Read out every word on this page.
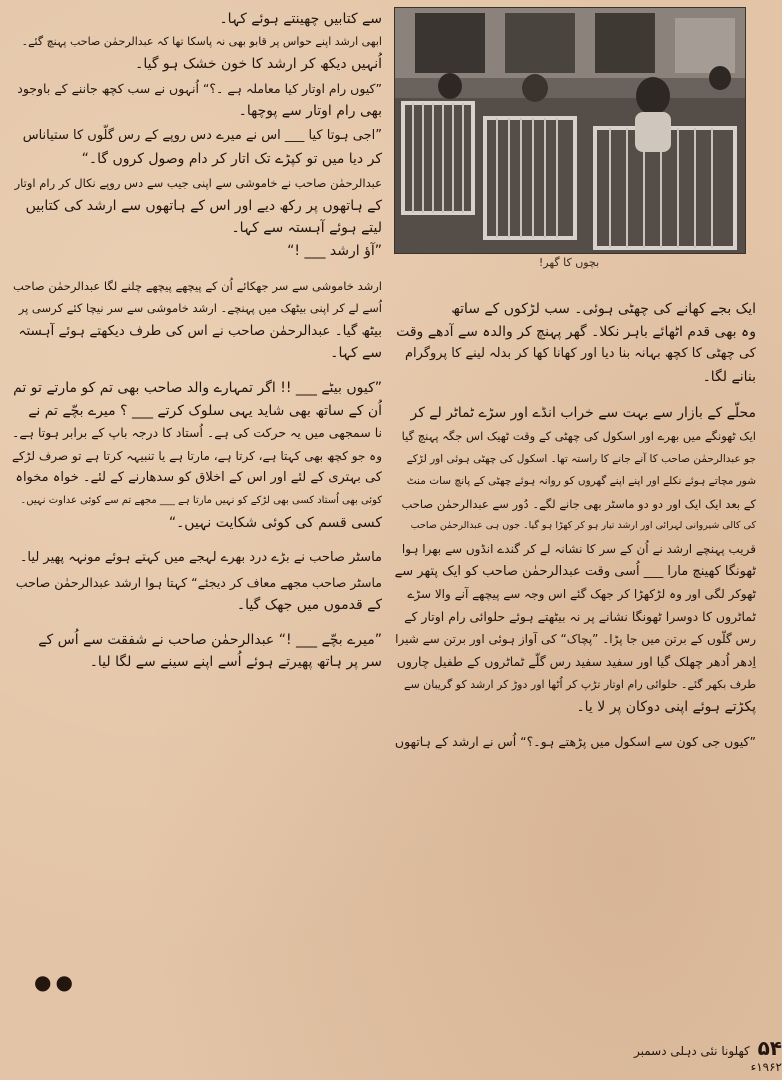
سے کتابیں چھینتے ہوئے کہا۔

ابھی ارشد اپنے حواس پر قابو بھی نہ پاسکا تھا کہ عبدالرحمٰن صاحب پہنچ گئے۔

اُنہیں دیکھ کر ارشد کا خون خشک ہو گیا۔

”کیوں رام اوتار کیا معاملہ ہے ۔؟“ اُنہوں نے سب کچھ جاننے کے باوجود

بھی رام اوتار سے پوچھا۔

”اجی ہوتا کیا ___ اس نے میرے دس روپے کے رس گلّوں کا ستیاناس

کر دیا میں تو کپڑے تک اتار کر دام وصول کروں گا۔“

عبدالرحمٰن صاحب نے خاموشی سے اپنی جیب سے دس روپے نکال کر رام اوتار

کے ہاتھوں پر رکھ دیے اور اس کے ہاتھوں سے ارشد کی کتابیں

لیتے ہوئے آہستہ سے کہا۔

”آؤ ارشد ___ !“

ارشد خاموشی سے سر جھکائے اُن کے پیچھے پیچھے چلنے لگا عبدالرحمٰن صاحب

اُسے لے کر اپنی بیٹھک میں پہنچے۔ ارشد خاموشی سے سر نیچا کئے کرسی پر

بیٹھ گیا۔ عبدالرحمٰن صاحب نے اس کی طرف دیکھتے ہوئے آہستہ

سے کہا۔

”کیوں بیٹے ___ !! اگر تمہارے والد صاحب بھی تم کو مارتے تو تم

اُن کے ساتھ بھی شاید یہی سلوک کرتے ___ ؟ میرے بچّے تم نے

نا سمجھی میں یہ حرکت کی ہے۔ اُستاد کا درجہ باپ کے برابر ہوتا ہے۔

وہ جو کچھ بھی کہتا ہے، کرتا ہے، مارتا ہے یا تنبیہہ کرتا ہے تو صرف لڑکے

کی بہتری کے لئے اور اس کے اخلاق کو سدھارنے کے لئے۔ خواہ مخواہ

کوئی بھی اُستاد کسی بھی لڑکے کو نہیں مارتا ہے ___ مجھے تم سے کوئی عداوت نہیں۔

کسی قسم کی کوئی شکایت نہیں۔“

ماسٹر صاحب نے بڑے درد بھرے لہجے میں کہتے ہوئے مونہہ پھیر لیا۔

ماسٹر صاحب مجھے معاف کر دیجئے“ کہتا ہوا ارشد عبدالرحمٰن صاحب

کے قدموں میں جھک گیا۔

”میرے بچّے ___ !“ عبدالرحمٰن صاحب نے شفقت سے اُس کے

سر پر ہاتھ پھیرتے ہوئے اُسے اپنے سینے سے لگا لیا۔

بچوں کا گھر!

ایک بجے کھانے کی چھٹی ہوئی۔ سب لڑکوں کے ساتھ

وہ بھی قدم اٹھائے باہر نکلا۔ گھر پہنچ کر والدہ سے آدھے وقت

کی چھٹی کا کچھ بہانہ بنا دیا اور کھانا کھا کر بدلہ لینے کا پروگرام

بنانے لگا۔

محلّے کے بازار سے بہت سے خراب انڈے اور سڑے ٹماٹر لے کر

ایک ٹھونگے میں بھرے اور اسکول کی چھٹی کے وقت ٹھیک اس جگہ پہنچ گیا

جو عبدالرحمٰن صاحب کا آنے جانے کا راستہ تھا۔ اسکول کی چھٹی ہوئی اور لڑکے

شور مچاتے ہوئے نکلے اور اپنے اپنے گھروں کو روانہ ہوئے چھٹی کے پانچ سات منٹ

کے بعد ایک ایک اور دو دو ماسٹر بھی جانے لگے۔ دُور سے عبدالرحمٰن صاحب

کی کالی شیروانی لہرائی اور ارشد تیار ہو کر کھڑا ہو گیا۔ جوں ہی عبدالرحمٰن صاحب

قریب پہنچے ارشد نے اُن کے سر کا نشانہ لے کر گندے انڈوں سے بھرا ہوا

ٹھونگا کھینچ مارا ___ اُسی وقت عبدالرحمٰن صاحب کو ایک پتھر سے

ٹھوکر لگی اور وہ لڑکھڑا کر جھک گئے اس وجہ سے پیچھے آنے والا سڑے

ٹماٹروں کا دوسرا ٹھونگا نشانے پر نہ بیٹھتے ہوئے حلوائی رام اوتار کے

رس گلّوں کے برتن میں جا پڑا۔ ”پچاک“ کی آواز ہوئی اور برتن سے شیرا

اِدھر اُدھر چھلک گیا اور سفید سفید رس گلّے ٹماٹروں کے طفیل چاروں

طرف بکھر گئے۔ حلوائی رام اوتار تڑپ کر اُٹھا اور دوڑ کر ارشد کو گریبان سے

پکڑتے ہوئے اپنی دوکان پر لا یا۔

”کیوں جی کون سے اسکول میں پڑھتے ہو۔؟“ اُس نے ارشد کے ہاتھوں

●●
۵۴ کھلونا نئی دہلی دسمبر ۱۹۶۲ء
